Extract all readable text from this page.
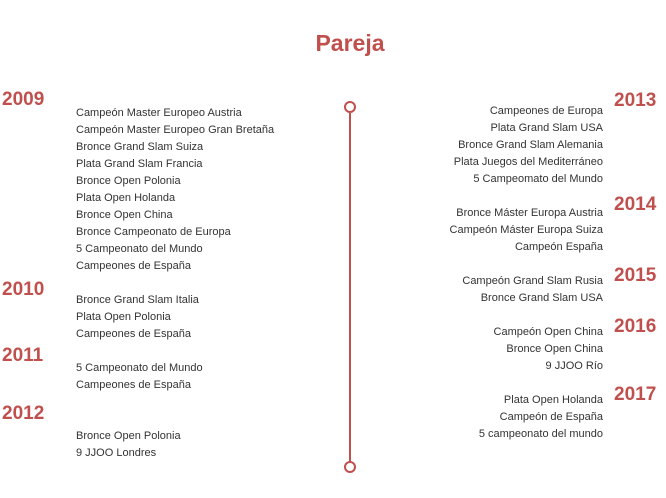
Pareja
2009
Campeón Master Europeo Austria
Campeón Master Europeo Gran Bretaña
Bronce Grand Slam Suiza
Plata Grand Slam Francia
Bronce Open Polonia
Plata Open Holanda
Bronce Open China
Bronce Campeonato de Europa
5 Campeonato del Mundo
Campeones de España
2010	Bronce Grand Slam Italia
Plata Open Polonia
Campeones de España
2011
5 Campeonato del Mundo
Campeones de España
2012
Bronce Open Polonia
9 JJOO Londres
2013
Campeones de Europa
Plata Grand Slam USA
Bronce Grand Slam Alemania
Plata Juegos del Mediterráneo
5 Campeomato del Mundo
2014
Bronce Máster Europa Austria
Campeón Máster Europa Suiza
Campeón España
2015
Campeón Grand Slam Rusia
Bronce Grand Slam USA
2016
Campeón Open China
Bronce Open China
9 JJOO Río
2017
Plata Open Holanda
Campeón de España
5 campeonato del mundo
